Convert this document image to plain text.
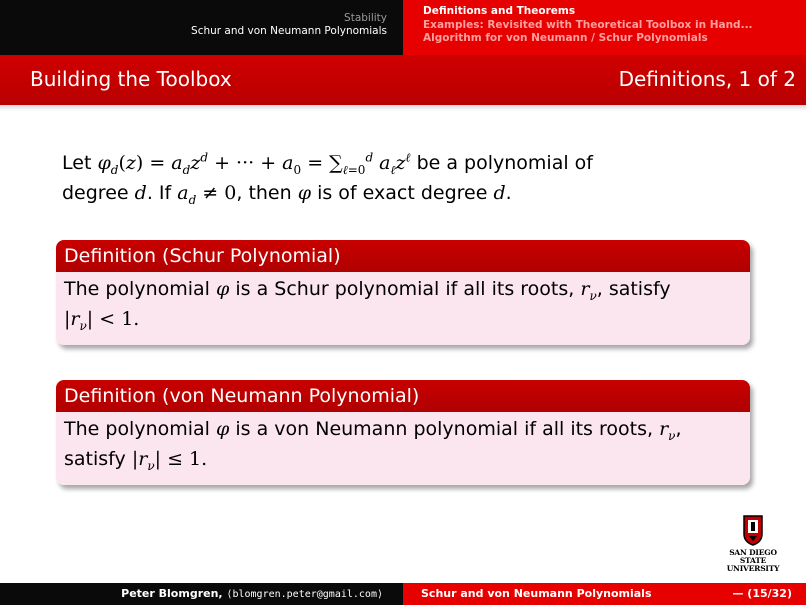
Stability
Schur and von Neumann Polynomials
Definitions and Theorems
Examples: Revisited with Theoretical Toolbox in Hand...
Algorithm for von Neumann / Schur Polynomials
Building the Toolbox	Definitions, 1 of 2
Let $\varphi_d(z) = a_dz^d$ + ··· + $a_0 = \sum_{\ell=0}^d$ $a_\ell z^\ell$ be a polynomial of
degree d. If $a_d \ne 0$, then φ is of exact degree d.
Definition (Schur Polynomial)
The polynomial φ is a Schur polynomial if all its roots, $r_\nu$, satisfy
$|r_\nu| < 1$.
Definition (von Neumann Polynomial)
The polynomial φ is a von Neumann polynomial if all its roots, $r_\nu$,
satisfy $|r_\nu| \le 1$.
SAN DIEGO STATE
UNIVERSITY
Peter Blomgren, ⟨blomgren.peter@gmail.com⟩	Schur and von Neumann Polynomials	— (15/32)
